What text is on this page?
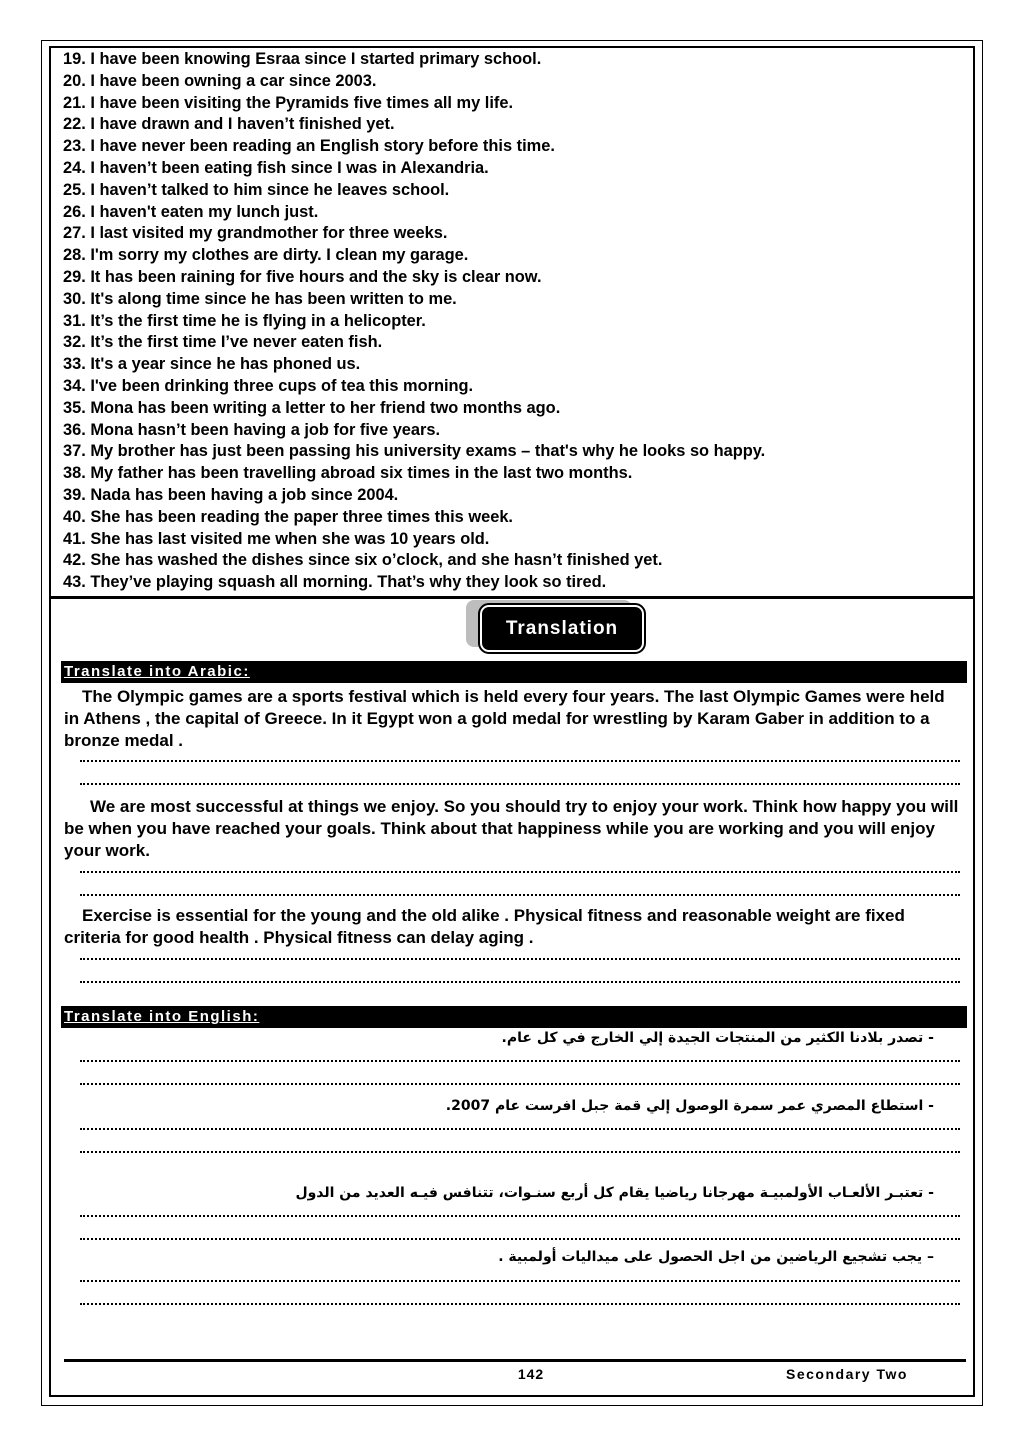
19. I have been knowing Esraa since I started primary school.
20. I have been owning a car since 2003.
21. I have been visiting the Pyramids five times all my life.
22. I have drawn and I haven’t finished yet.
23. I have never been reading an English story before this time.
24. I haven’t been eating fish since I was in Alexandria.
25. I haven’t talked to him since he leaves school.
26. I haven't eaten my lunch just.
27. I last visited my grandmother for three weeks.
28. I'm sorry my clothes are dirty. I clean my garage.
29. It has been raining for five hours and the sky is clear now.
30. It's along time since he has been written to me.
31. It’s the first time he is flying in a helicopter.
32. It’s the first time I’ve never eaten fish.
33. It's a year since he has phoned us.
34. I've been drinking three cups of tea this morning.
35. Mona has been writing a letter to her friend two months ago.
36. Mona hasn’t been having a job for five years.
37. My brother has just been passing his university exams – that's why he looks so happy.
38. My father has been travelling abroad six times in the last two months.
39. Nada has been having a job since 2004.
40. She has been reading the paper three times this week.
41. She has last visited me when she was 10 years old.
42. She has washed the dishes since six o’clock, and she hasn’t finished yet.
43. They’ve playing squash all morning. That’s why they look so tired.
Translation
Translate into Arabic:

The Olympic games are a sports festival which is held every four years. The last Olympic Games were held in Athens , the capital of Greece. In it Egypt won a gold medal for wrestling by Karam Gaber in addition to a bronze medal .

We are most successful at things we enjoy. So you should try to enjoy your work. Think how happy you will be when you have reached your goals. Think about that happiness while you are working and you will enjoy your work.

Exercise is essential for the young and the old alike . Physical fitness and reasonable weight are fixed criteria for good health . Physical fitness can delay aging .

Translate into English:
- تصدر بلادنا الكثير من المنتجات الجيدة إلي الخارج في كل عام.
- استطاع المصري عمر سمرة الوصول إلي قمة جبل افرست عام 2007.
- تعتبـر الألعـاب الأولمبيـة مهرجانا رياضيا يقام كل أربع سنـوات، تتنافس فيـه العديد من الدول
– يجب تشجيع الرياضين من اجل الحصول على ميداليات أولمبية .
142	Secondary Two
